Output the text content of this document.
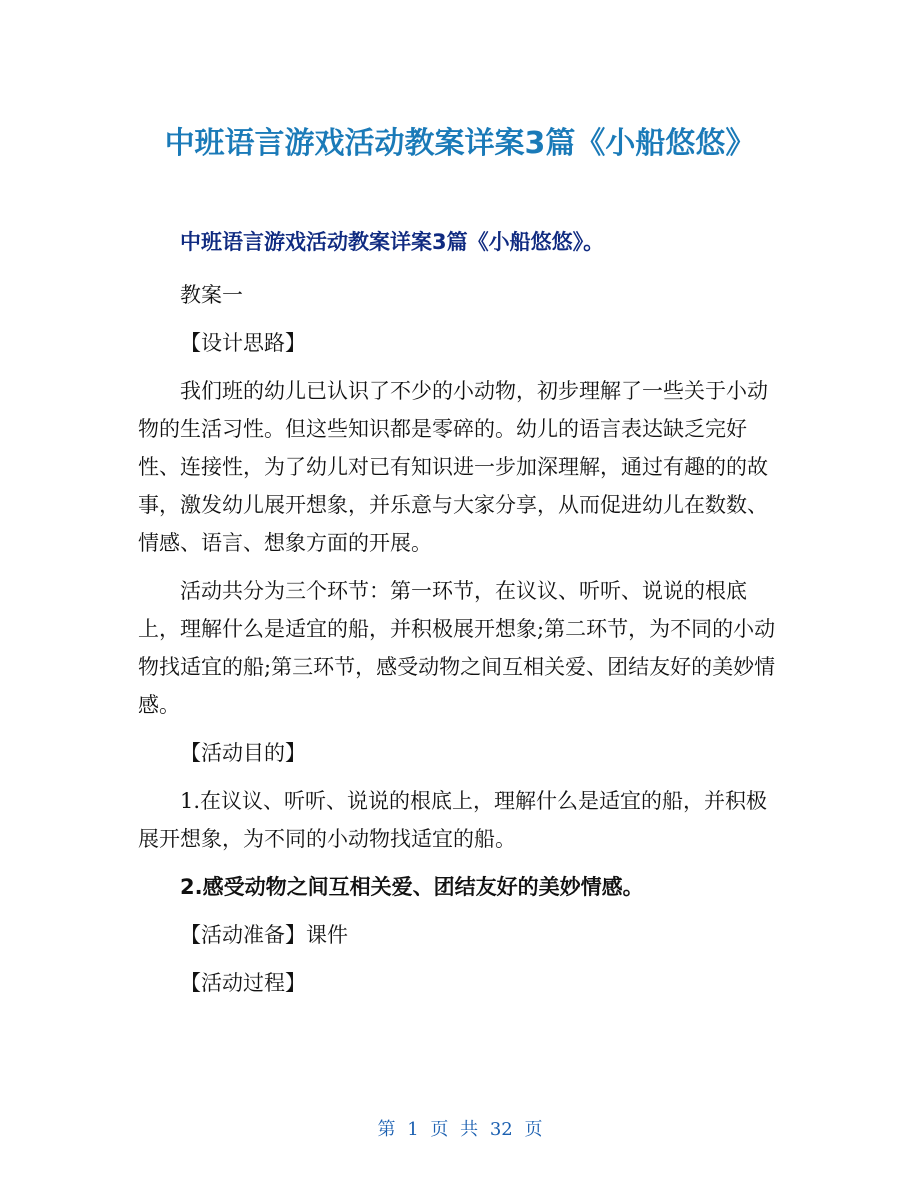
中班语言游戏活动教案详案3篇《小船悠悠》
中班语言游戏活动教案详案3篇《小船悠悠》。

教案一

【设计思路】

我们班的幼儿已认识了不少的小动物，初步理解了一些关于小动物的生活习性。但这些知识都是零碎的。幼儿的语言表达缺乏完好性、连接性，为了幼儿对已有知识进一步加深理解，通过有趣的的故事，激发幼儿展开想象，并乐意与大家分享，从而促进幼儿在数数、情感、语言、想象方面的开展。

活动共分为三个环节：第一环节，在议议、听听、说说的根底上，理解什么是适宜的船，并积极展开想象;第二环节，为不同的小动物找适宜的船;第三环节，感受动物之间互相关爱、团结友好的美妙情感。

【活动目的】

1.在议议、听听、说说的根底上，理解什么是适宜的船，并积极展开想象，为不同的小动物找适宜的船。

2.感受动物之间互相关爱、团结友好的美妙情感。

【活动准备】课件

【活动过程】

第 1 页 共 32 页
